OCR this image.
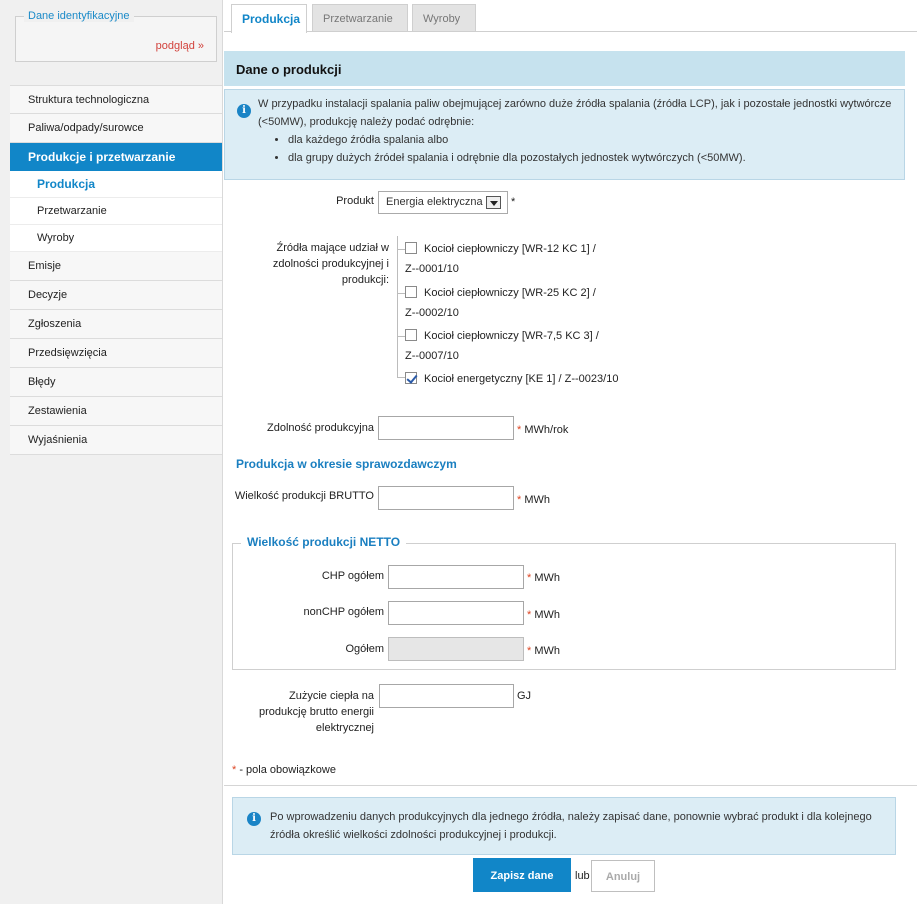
Dane identyfikacyjne
podgląd »
Struktura technologiczna
Paliwa/odpady/surowce
Produkcje i przetwarzanie
Produkcja
Przetwarzanie
Wyroby
Emisje
Decyzje
Zgłoszenia
Przedsięwzięcia
Błędy
Zestawienia
Wyjaśnienia
Produkcja	Przetwarzanie	Wyroby
Dane o produkcji
i
W przypadku instalacji spalania paliw obejmującej zarówno duże źródła spalania (źródła LCP), jak i pozostałe jednostki wytwórcze (<50MW), produkcję należy podać odrębnie:
• dla każdego źródła spalania albo
• dla grupy dużych źródeł spalania i odrębnie dla pozostałych jednostek wytwórczych (<50MW).
Produkt	Energia elektryczna	*
Źródła mające udział w zdolności produkcyjnej i produkcji:
Kocioł ciepłowniczy [WR-12 KC 1] /
Z--0001/10
Kocioł ciepłowniczy [WR-25 KC 2] /
Z--0002/10
Kocioł ciepłowniczy [WR-7,5 KC 3] /
Z--0007/10
Kocioł energetyczny [KE 1] / Z--0023/10
Zdolność produkcyjna	* MWh/rok
Produkcja w okresie sprawozdawczym
Wielkość produkcji BRUTTO	* MWh
Wielkość produkcji NETTO
CHP ogółem	* MWh
nonCHP ogółem	* MWh
Ogółem	* MWh
Zużycie ciepła na
produkcję brutto energii
elektrycznej
GJ
* - pola obowiązkowe
i	Po wprowadzeniu danych produkcyjnych dla jednego źródła, należy zapisać dane, ponownie wybrać produkt i dla kolejnego źródła określić wielkości zdolności produkcyjnej i produkcji.
Zapisz dane	lub	Anuluj
